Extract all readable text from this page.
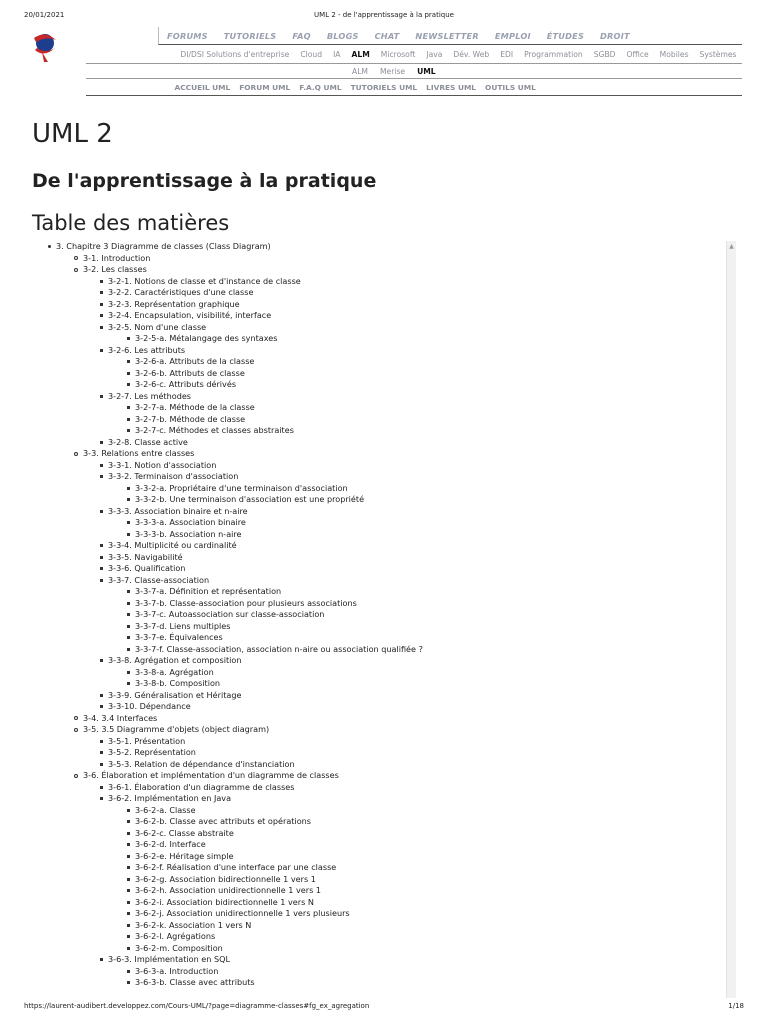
20/01/2021	UML 2 - de l'apprentissage à la pratique
FORUMS	TUTORIELS	FAQ	BLOGS	CHAT	NEWSLETTER	EMPLOI	ÉTUDES	DROIT
DI/DSI Solutions d'entreprise	Cloud	IA	ALM	Microsoft	Java	Dév. Web	EDI	Programmation	SGBD	Office	Mobiles	Systèmes
ALM	Merise	UML
ACCUEIL UML	FORUM UML	F.A.Q UML	TUTORIELS UML	LIVRES UML	OUTILS UML
UML 2
De l'apprentissage à la pratique
Table des matières
3. Chapitre 3 Diagramme de classes (Class Diagram)
3-1. Introduction
3-2. Les classes
3-2-1. Notions de classe et d'instance de classe
3-2-2. Caractéristiques d'une classe
3-2-3. Représentation graphique
3-2-4. Encapsulation, visibilité, interface
3-2-5. Nom d'une classe
3-2-5-a. Métalangage des syntaxes
3-2-6. Les attributs
3-2-6-a. Attributs de la classe
3-2-6-b. Attributs de classe
3-2-6-c. Attributs dérivés
3-2-7. Les méthodes
3-2-7-a. Méthode de la classe
3-2-7-b. Méthode de classe
3-2-7-c. Méthodes et classes abstraites
3-2-8. Classe active
3-3. Relations entre classes
3-3-1. Notion d'association
3-3-2. Terminaison d'association
3-3-2-a. Propriétaire d'une terminaison d'association
3-3-2-b. Une terminaison d'association est une propriété
3-3-3. Association binaire et n-aire
3-3-3-a. Association binaire
3-3-3-b. Association n-aire
3-3-4. Multiplicité ou cardinalité
3-3-5. Navigabilité
3-3-6. Qualification
3-3-7. Classe-association
3-3-7-a. Définition et représentation
3-3-7-b. Classe-association pour plusieurs associations
3-3-7-c. Autoassociation sur classe-association
3-3-7-d. Liens multiples
3-3-7-e. Équivalences
3-3-7-f. Classe-association, association n-aire ou association qualifiée ?
3-3-8. Agrégation et composition
3-3-8-a. Agrégation
3-3-8-b. Composition
3-3-9. Généralisation et Héritage
3-3-10. Dépendance
3-4. 3.4 Interfaces
3-5. 3.5 Diagramme d'objets (object diagram)
3-5-1. Présentation
3-5-2. Représentation
3-5-3. Relation de dépendance d'instanciation
3-6. Élaboration et implémentation d'un diagramme de classes
3-6-1. Élaboration d'un diagramme de classes
3-6-2. Implémentation en Java
3-6-2-a. Classe
3-6-2-b. Classe avec attributs et opérations
3-6-2-c. Classe abstraite
3-6-2-d. Interface
3-6-2-e. Héritage simple
3-6-2-f. Réalisation d'une interface par une classe
3-6-2-g. Association bidirectionnelle 1 vers 1
3-6-2-h. Association unidirectionnelle 1 vers 1
3-6-2-i. Association bidirectionnelle 1 vers N
3-6-2-j. Association unidirectionnelle 1 vers plusieurs
3-6-2-k. Association 1 vers N
3-6-2-l. Agrégations
3-6-2-m. Composition
3-6-3. Implémentation en SQL
3-6-3-a. Introduction
3-6-3-b. Classe avec attributs
▲
https://laurent-audibert.developpez.com/Cours-UML/?page=diagramme-classes#fg_ex_agregation	1/18
